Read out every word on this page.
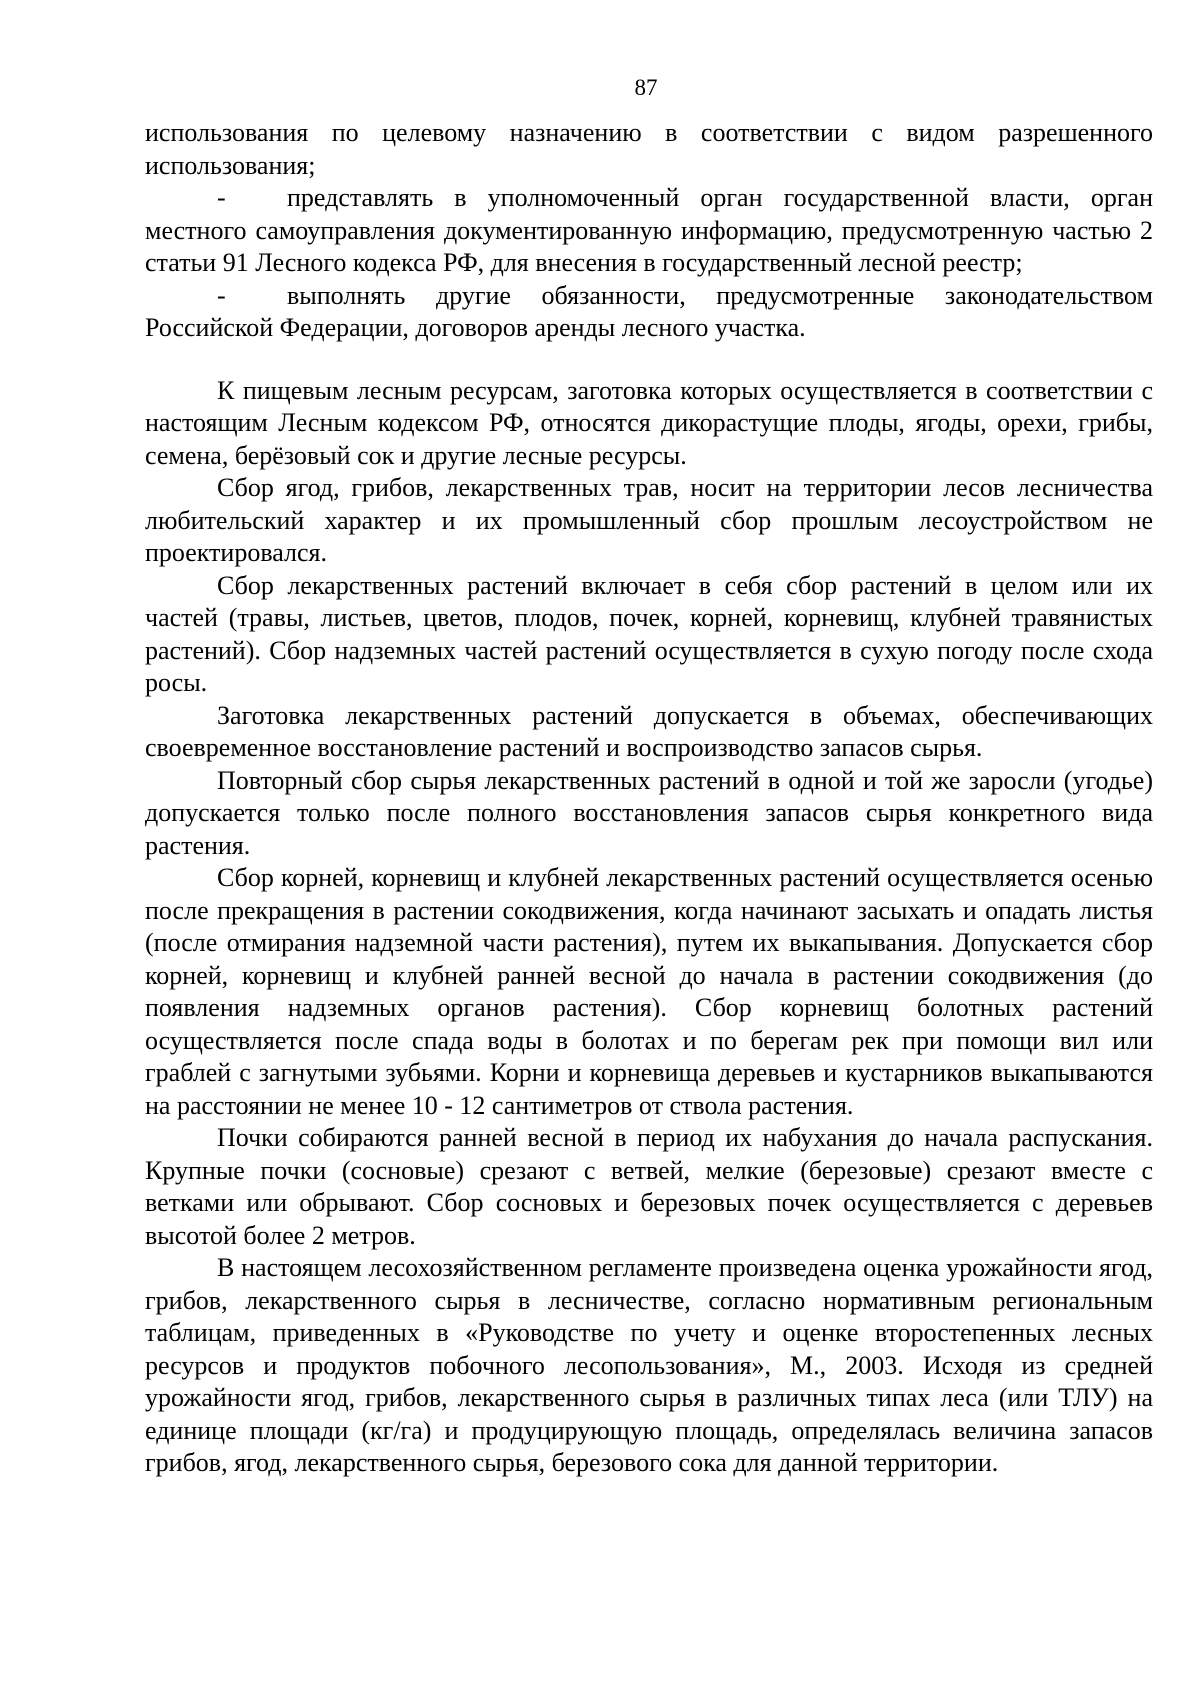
87

использования по целевому назначению в соответствии с видом разрешенного использования;

-	представлять в уполномоченный орган государственной власти, орган

местного самоуправления документированную информацию, предусмотренную частью 2 статьи 91 Лесного кодекса РФ, для внесения в государственный лесной реестр;

-	выполнять другие обязанности, предусмотренные законодательством

Российской Федерации, договоров аренды лесного участка.

К пищевым лесным ресурсам, заготовка которых осуществляется в соответствии с настоящим Лесным кодексом РФ, относятся дикорастущие плоды, ягоды, орехи, грибы, семена, берёзовый сок и другие лесные ресурсы.

Сбор ягод, грибов, лекарственных трав, носит на территории лесов лесничества любительский характер и их промышленный сбор прошлым лесоустройством не проектировался.

Сбор лекарственных растений включает в себя сбор растений в целом или их частей (травы, листьев, цветов, плодов, почек, корней, корневищ, клубней травянистых растений). Сбор надземных частей растений осуществляется в сухую погоду после схода росы.

Заготовка лекарственных растений допускается в объемах, обеспечивающих своевременное восстановление растений и воспроизводство запасов сырья.

Повторный сбор сырья лекарственных растений в одной и той же заросли (угодье) допускается только после полного восстановления запасов сырья конкретного вида растения.

Сбор корней, корневищ и клубней лекарственных растений осуществляется осенью после прекращения в растении сокодвижения, когда начинают засыхать и опадать листья (после отмирания надземной части растения), путем их выкапывания. Допускается сбор корней, корневищ и клубней ранней весной до начала в растении сокодвижения (до появления надземных органов растения). Сбор корневищ болотных растений осуществляется после спада воды в болотах и по берегам рек при помощи вил или граблей с загнутыми зубьями. Корни и корневища деревьев и кустарников выкапываются на расстоянии не менее 10 - 12 сантиметров от ствола растения.

Почки собираются ранней весной в период их набухания до начала распускания. Крупные почки (сосновые) срезают с ветвей, мелкие (березовые) срезают вместе с ветками или обрывают. Сбор сосновых и березовых почек осуществляется с деревьев высотой более 2 метров.

В настоящем лесохозяйственном регламенте произведена оценка урожайности ягод, грибов, лекарственного сырья в лесничестве, согласно нормативным региональным таблицам, приведенных в «Руководстве по учету и оценке второстепенных лесных ресурсов и продуктов побочного лесопользования», М., 2003. Исходя из средней урожайности ягод, грибов, лекарственного сырья в различных типах леса (или ТЛУ) на единице площади (кг/га) и продуцирующую площадь, определялась величина запасов грибов, ягод, лекарственного сырья, березового сока для данной территории.
